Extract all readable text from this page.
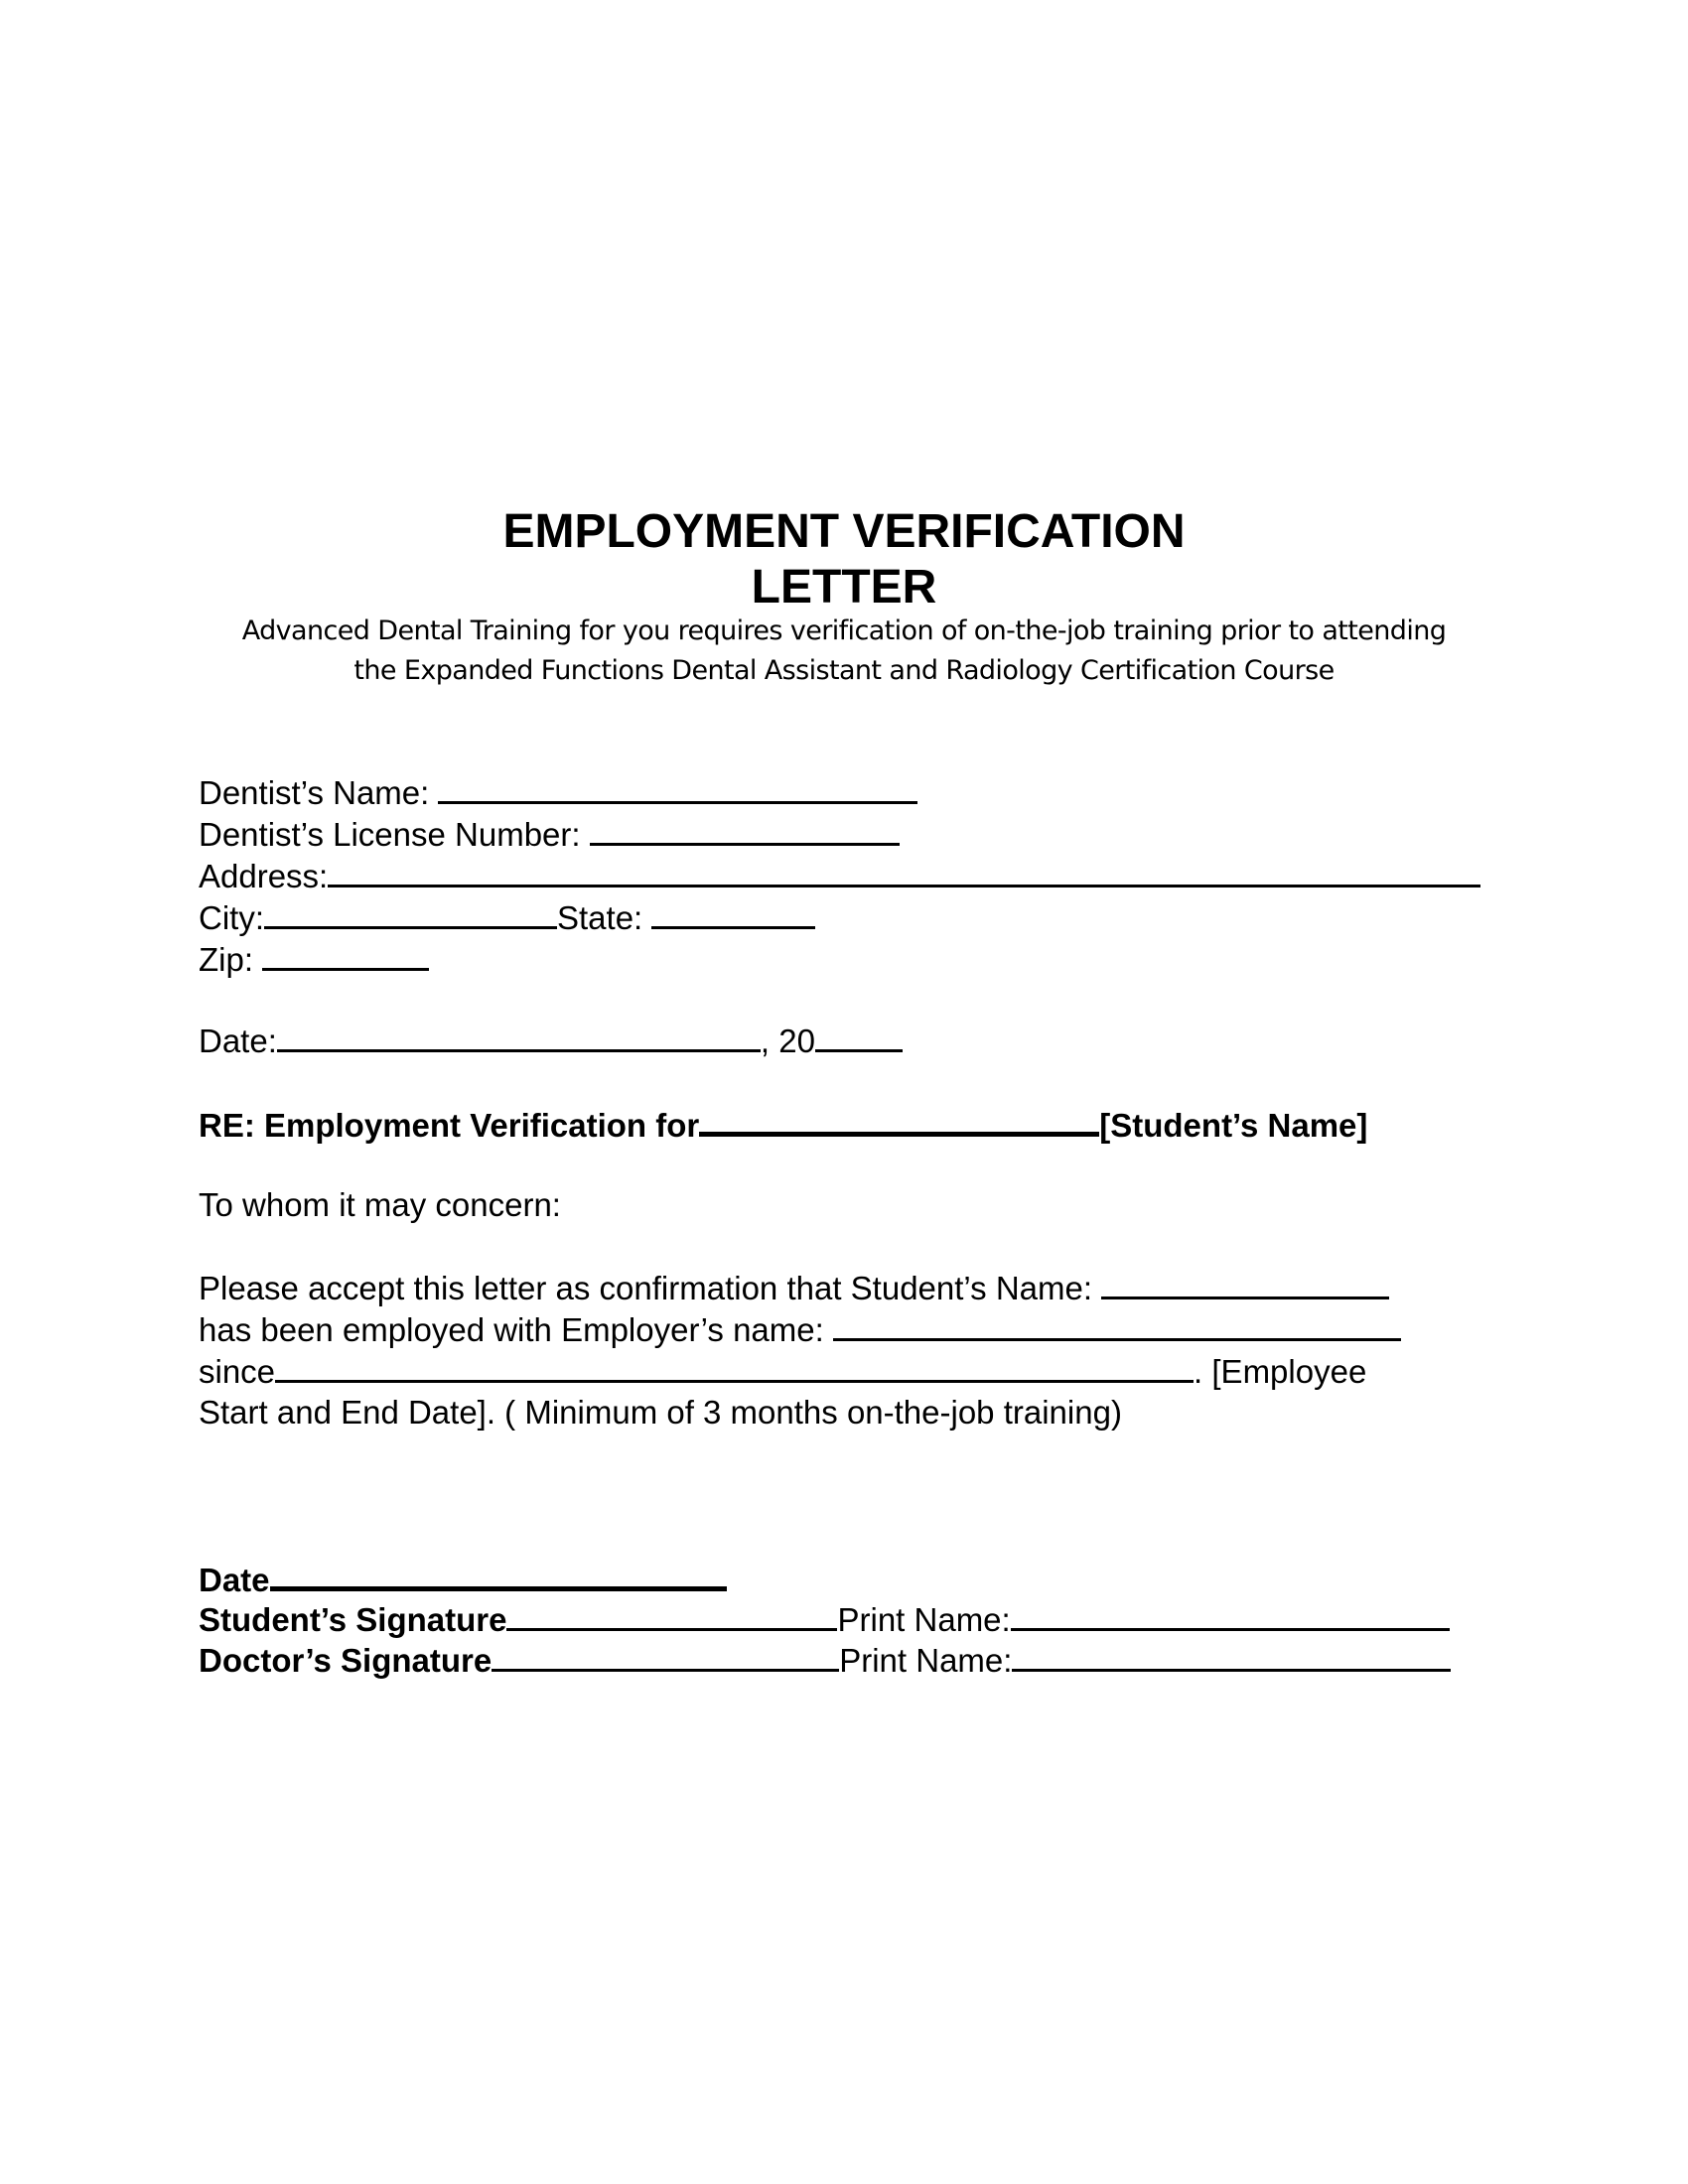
EMPLOYMENT VERIFICATION
LETTER
Advanced Dental Training for you requires verification of on-the-job training prior to attending
the Expanded Functions Dental Assistant and Radiology Certification Course
Dentist’s Name:
Dentist’s License Number:
Address:
City:	State:
Zip:
Date:	, 20
RE: Employment Verification for	[Student’s Name]
To whom it may concern:
Please accept this letter as confirmation that Student’s Name:
has been employed with Employer’s name:
since	. [Employee
Start and End Date]. ( Minimum of 3 months on-the-job training)
Date
Student’s Signature	Print Name:
Doctor’s Signature	Print Name:
